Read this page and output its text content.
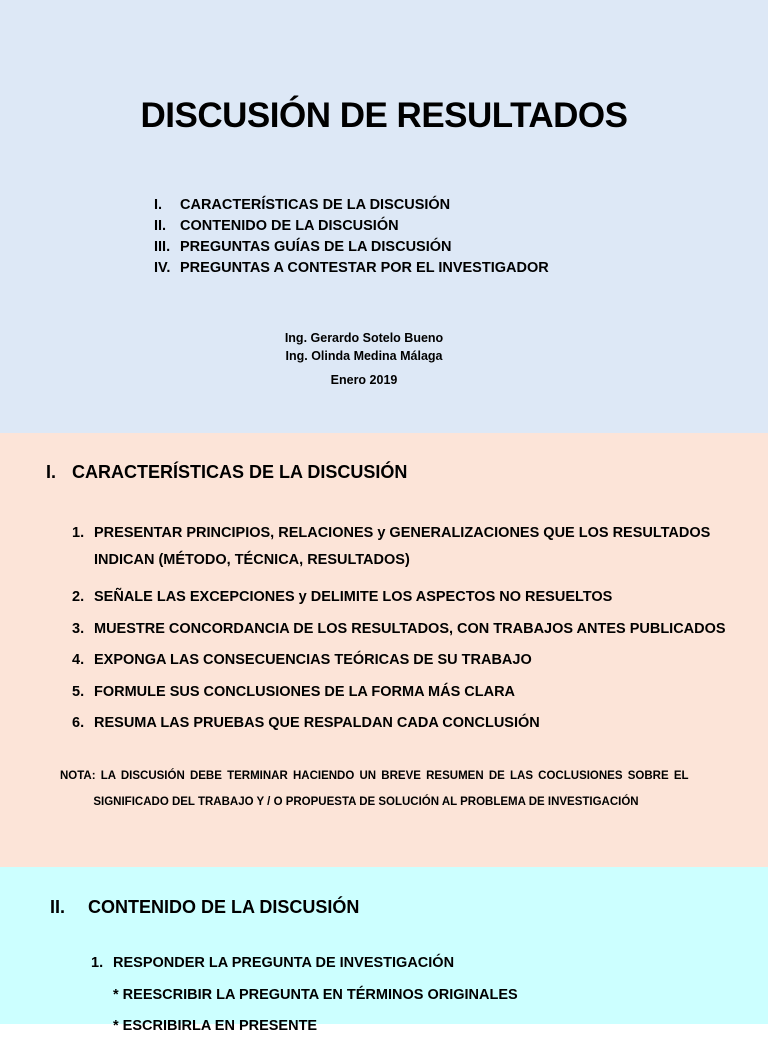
DISCUSIÓN DE RESULTADOS
I. CARACTERÍSTICAS DE LA DISCUSIÓN
II. CONTENIDO DE LA DISCUSIÓN
III. PREGUNTAS GUÍAS DE LA DISCUSIÓN
IV. PREGUNTAS A CONTESTAR POR EL INVESTIGADOR
Ing. Gerardo Sotelo Bueno
Ing. Olinda Medina Málaga
Enero 2019
I. CARACTERÍSTICAS DE LA DISCUSIÓN
1. PRESENTAR PRINCIPIOS, RELACIONES y GENERALIZACIONES QUE LOS RESULTADOS
INDICAN (MÉTODO, TÉCNICA, RESULTADOS)
2. SEÑALE LAS EXCEPCIONES y DELIMITE LOS ASPECTOS NO RESUELTOS
3. MUESTRE CONCORDANCIA DE LOS RESULTADOS, CON TRABAJOS ANTES PUBLICADOS
4. EXPONGA LAS CONSECUENCIAS TEÓRICAS DE SU TRABAJO
5. FORMULE SUS CONCLUSIONES DE LA FORMA MÁS CLARA
6. RESUMA LAS PRUEBAS QUE RESPALDAN CADA CONCLUSIÓN
NOTA: LA DISCUSIÓN DEBE TERMINAR HACIENDO UN BREVE RESUMEN DE LAS COCLUSIONES SOBRE EL
SIGNIFICADO DEL TRABAJO Y / O PROPUESTA DE SOLUCIÓN AL PROBLEMA DE INVESTIGACIÓN
II. CONTENIDO DE LA DISCUSIÓN
1. RESPONDER LA PREGUNTA DE INVESTIGACIÓN
* REESCRIBIR LA PREGUNTA EN TÉRMINOS ORIGINALES
* ESCRIBIRLA EN PRESENTE
